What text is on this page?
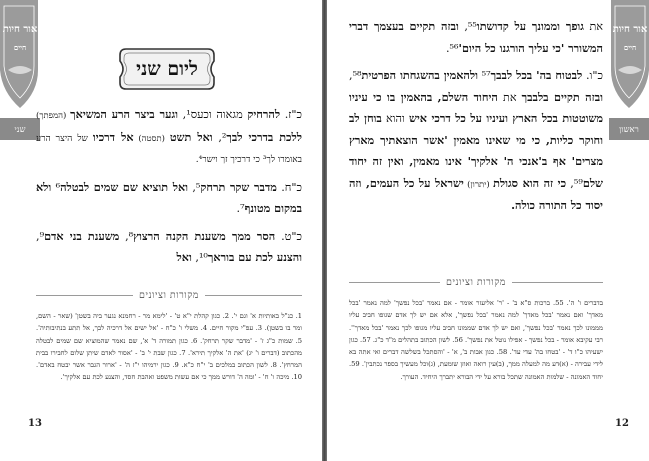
אור חיות
חיים
שני
ליום שני

כ"ז. להרחיק מגאוה וכעס¹, וגער ביצר הרע המשיאך (המפתך) ללכת בדרכי לבך², ואל תשט (תסטה) אל דרכיו של היצר הרע באומרו לך³ כי דרכיך זך וישר⁴.

כ"ח. מדבר שקר תרחק⁵, ואל תוציא שם שמים לבטלה⁶ ולא במקום מטונף⁷.

כ"ט. הסר ממך משענת הקנה הרצוץ⁸, משענת בני אדם⁹, והצנע לכת עם בוראך¹⁰, ואל

מקורות וציונים
1. כנ"ל באותיות א' וגם י'. 2. כגון קהלת י"א ט' - 'לימא מר - רחמנא נגער ביה בשטן' (שאר - השם, ומר בו בשטן). 3. עפ"י מקור חיים. 4. משלי ו' כ"ח - 'אל ישים אל דרכיה לבך, אל תתע בנתיבותיה'. 5. שמות כ"ג ז' - 'מדבר שקר תרחק'. 6. כגון תמורה ד' א', שם נאמר שהמוציא שם שמים לבטלה מהכתוב (דברים ו' יג) 'את ה' אלקיך תירא'. 7. כגון שבת י' ב' - 'אסור לאדם שיתן שלום לחבירו בבית המרחץ'. 8. לשון הכתוב במלכים ב' י"ח כ"א. 9. כגון ירמיהו י"ז ה' - 'ארור הגבר אשר יבטח באדם'. 10. מיכה ו' ח' - 'ומה ה' דורש ממך כי אם עשות משפט ואהבת חסד, והצנע לכת עם אלקיך'.
13
אור חיות
חיים
ראשון

את גופך וממונך על קדושתו⁵⁵, ובזה תקיים בעצמך דברי המשורר 'כי עליך הורגנו כל היום'⁵⁶.

כ"ו. לבטוח בה' בכל לבבך⁵⁷ ולהאמין בהשגחתו הפרטית⁵⁸, ובזה תקיים בלבבך את היחוד השלם, בהאמין בו כי עיניו משוטטות בכל הארץ ועיניו על כל דרכי איש והוא בוחן לב וחוקר כליות, כי מי שאינו מאמין 'אשר הוצאתיך מארץ מצרים' אף ב'אנכי ה' אלקיך' אינו מאמין, ואין זה יחוד שלם⁵⁹, כי זה הוא סגולת (יתרון) ישראל על כל העמים, וזה יסוד כל התורה כולה.

מקורות וציונים
בדברים ו' ה'. 55. ברכות ס"א ב' - 'ר' אליעזר אומר - אם נאמר 'בכל נפשך' למה נאמר 'בכל מאדך' ואם נאמר 'בכל מאדך' למה נאמר 'בכל נפשך', אלא אם יש לך אדם שגופו חביב עליו מממונו לכך נאמר 'בכל נפשך', ואם יש לך אדם שממונו חביב עליו מגופו לכך נאמר 'בכל מאדך''. רבי עקיבא אומר - בכל נפשך - אפילו נוטל את נפשך'. 56. לשון הכתוב בתהלים מ"ד כ"ג. 57. כגון ישעיהו כ"ו ד' - 'בטחו בה' עדי עד'. 58. כגון אבות ב', א' - 'והסתכל בשלשה דברים ואי אתה בא לידי עבירה - (א)דע מה למעלה ממך, (ב)עין רואה ואוזן שומעת, (ג)וכל מעשיך בספר נכתבין'. 59. יחוד האמונה - שלמות האמונה שתכל בורא על ידי הבורא יתברך היחיד. העורך.
12
